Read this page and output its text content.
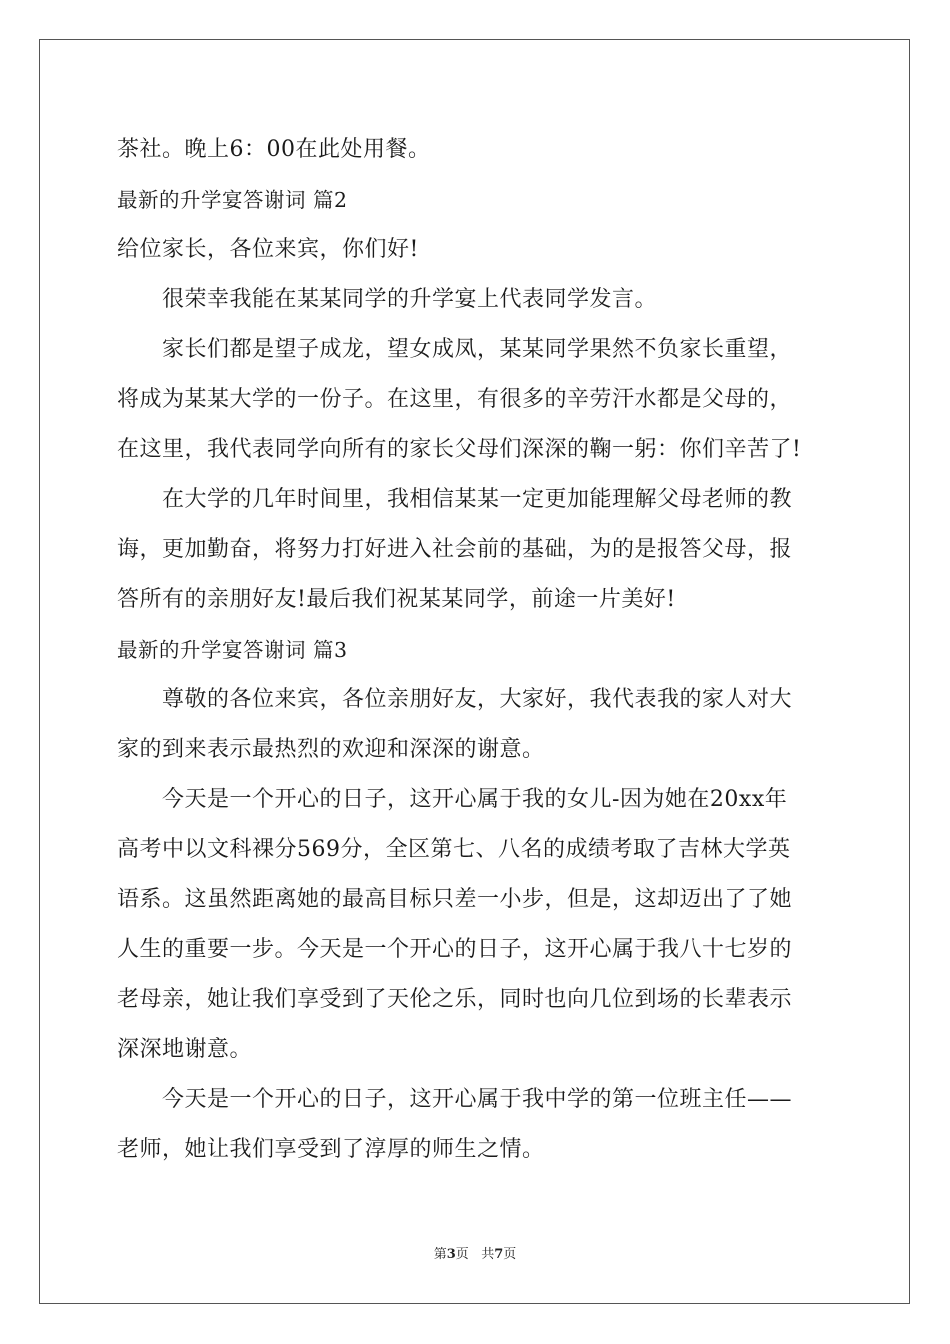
茶社。晚上6：00在此处用餐。
最新的升学宴答谢词 篇2
给位家长，各位来宾，你们好!
很荣幸我能在某某同学的升学宴上代表同学发言。
家长们都是望子成龙，望女成凤，某某同学果然不负家长重望，
将成为某某大学的一份子。在这里，有很多的辛劳汗水都是父母的，
在这里，我代表同学向所有的家长父母们深深的鞠一躬：你们辛苦了!
在大学的几年时间里，我相信某某一定更加能理解父母老师的教
诲，更加勤奋，将努力打好进入社会前的基础，为的是报答父母，报
答所有的亲朋好友!最后我们祝某某同学，前途一片美好!
最新的升学宴答谢词 篇3
尊敬的各位来宾，各位亲朋好友，大家好，我代表我的家人对大
家的到来表示最热烈的欢迎和深深的谢意。
今天是一个开心的日子，这开心属于我的女儿-因为她在20xx年
高考中以文科裸分569分，全区第七、八名的成绩考取了吉林大学英
语系。这虽然距离她的最高目标只差一小步，但是，这却迈出了了她
人生的重要一步。今天是一个开心的日子，这开心属于我八十七岁的
老母亲，她让我们享受到了天伦之乐，同时也向几位到场的长辈表示
深深地谢意。
今天是一个开心的日子，这开心属于我中学的第一位班主任——
老师，她让我们享受到了淳厚的师生之情。
第3页 共7页
